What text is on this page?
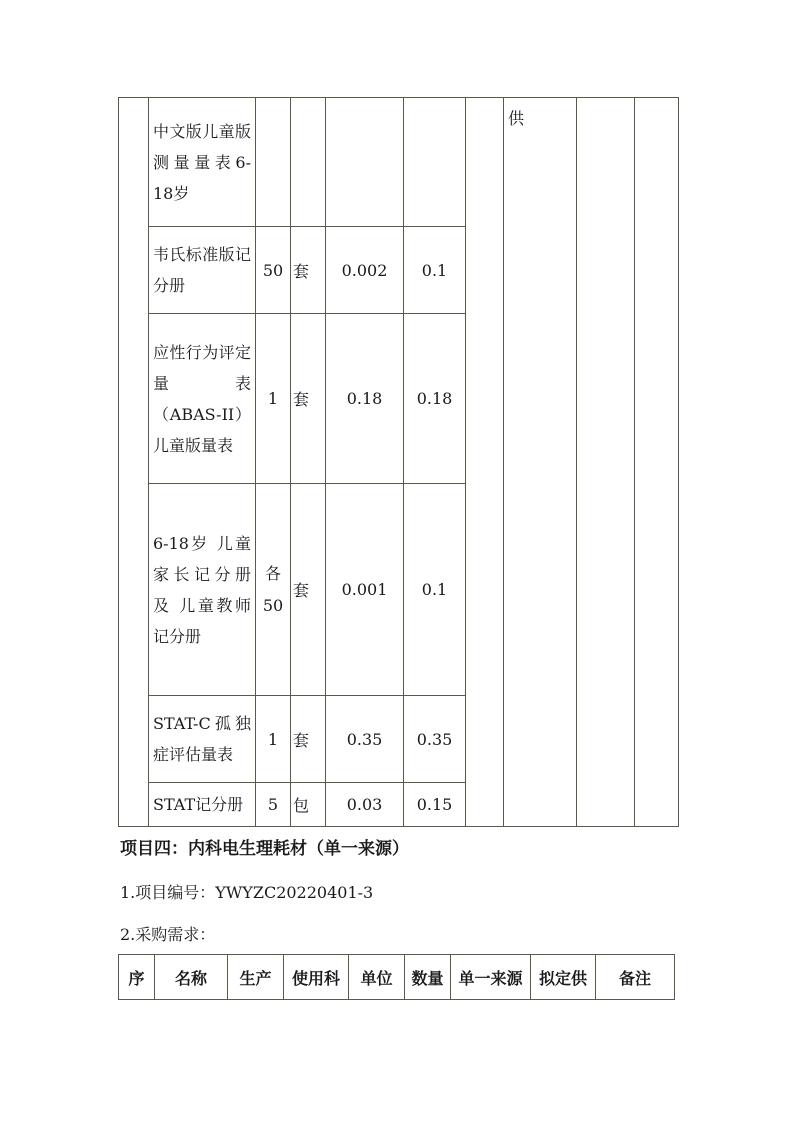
	中文版儿童版测量量表6-18岁						供		
	韦氏标准版记分册	50	套	0.002	0.1				
	应性行为评定量表（ABAS-II）儿童版量表	1	套	0.18	0.18				
	6-18岁 儿童家长记分册 及 儿童教师记分册	各50	套	0.001	0.1				
	STAT-C孤独症评估量表	1	套	0.35	0.35				
	STAT记分册	5	包	0.03	0.15				

项目四：内科电生理耗材（单一来源）

1.项目编号：YWYZC20220401-3

2.采购需求：

序	名称	生产	使用科	单位	数量	单一来源	拟定供	备注
